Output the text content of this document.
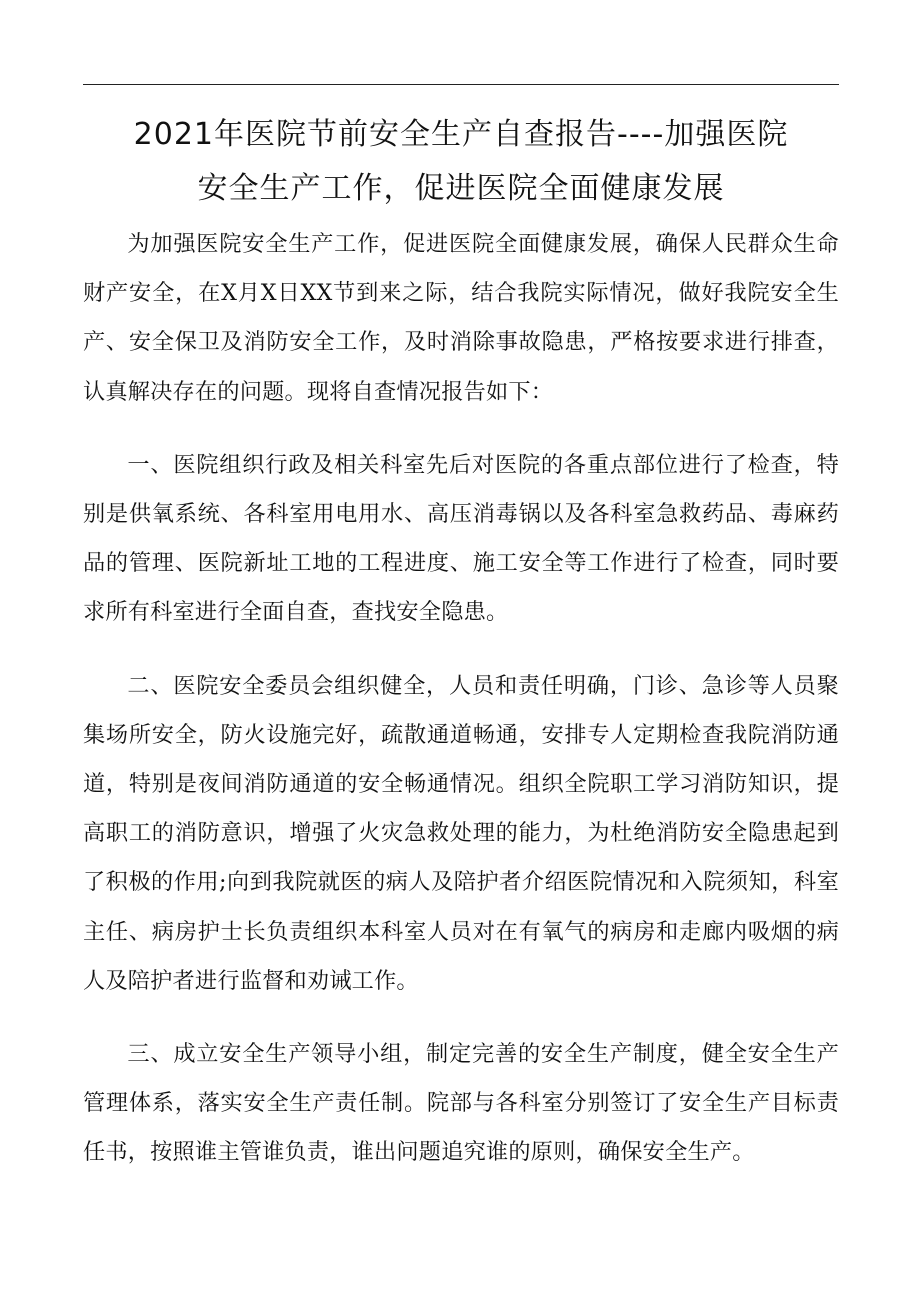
2021年医院节前安全生产自查报告----加强医院
安全生产工作，促进医院全面健康发展

为加强医院安全生产工作，促进医院全面健康发展，确保人民群众生命财产安全，在X月X日XX节到来之际，结合我院实际情况，做好我院安全生产、安全保卫及消防安全工作，及时消除事故隐患，严格按要求进行排查，认真解决存在的问题。现将自查情况报告如下：

一、医院组织行政及相关科室先后对医院的各重点部位进行了检查，特别是供氧系统、各科室用电用水、高压消毒锅以及各科室急救药品、毒麻药品的管理、医院新址工地的工程进度、施工安全等工作进行了检查，同时要求所有科室进行全面自查，查找安全隐患。

二、医院安全委员会组织健全，人员和责任明确，门诊、急诊等人员聚集场所安全，防火设施完好，疏散通道畅通，安排专人定期检查我院消防通道，特别是夜间消防通道的安全畅通情况。组织全院职工学习消防知识，提高职工的消防意识，增强了火灾急救处理的能力，为杜绝消防安全隐患起到了积极的作用;向到我院就医的病人及陪护者介绍医院情况和入院须知，科室主任、病房护士长负责组织本科室人员对在有氧气的病房和走廊内吸烟的病人及陪护者进行监督和劝诫工作。

三、成立安全生产领导小组，制定完善的安全生产制度，健全安全生产管理体系，落实安全生产责任制。院部与各科室分别签订了安全生产目标责任书，按照谁主管谁负责，谁出问题追究谁的原则，确保安全生产。
